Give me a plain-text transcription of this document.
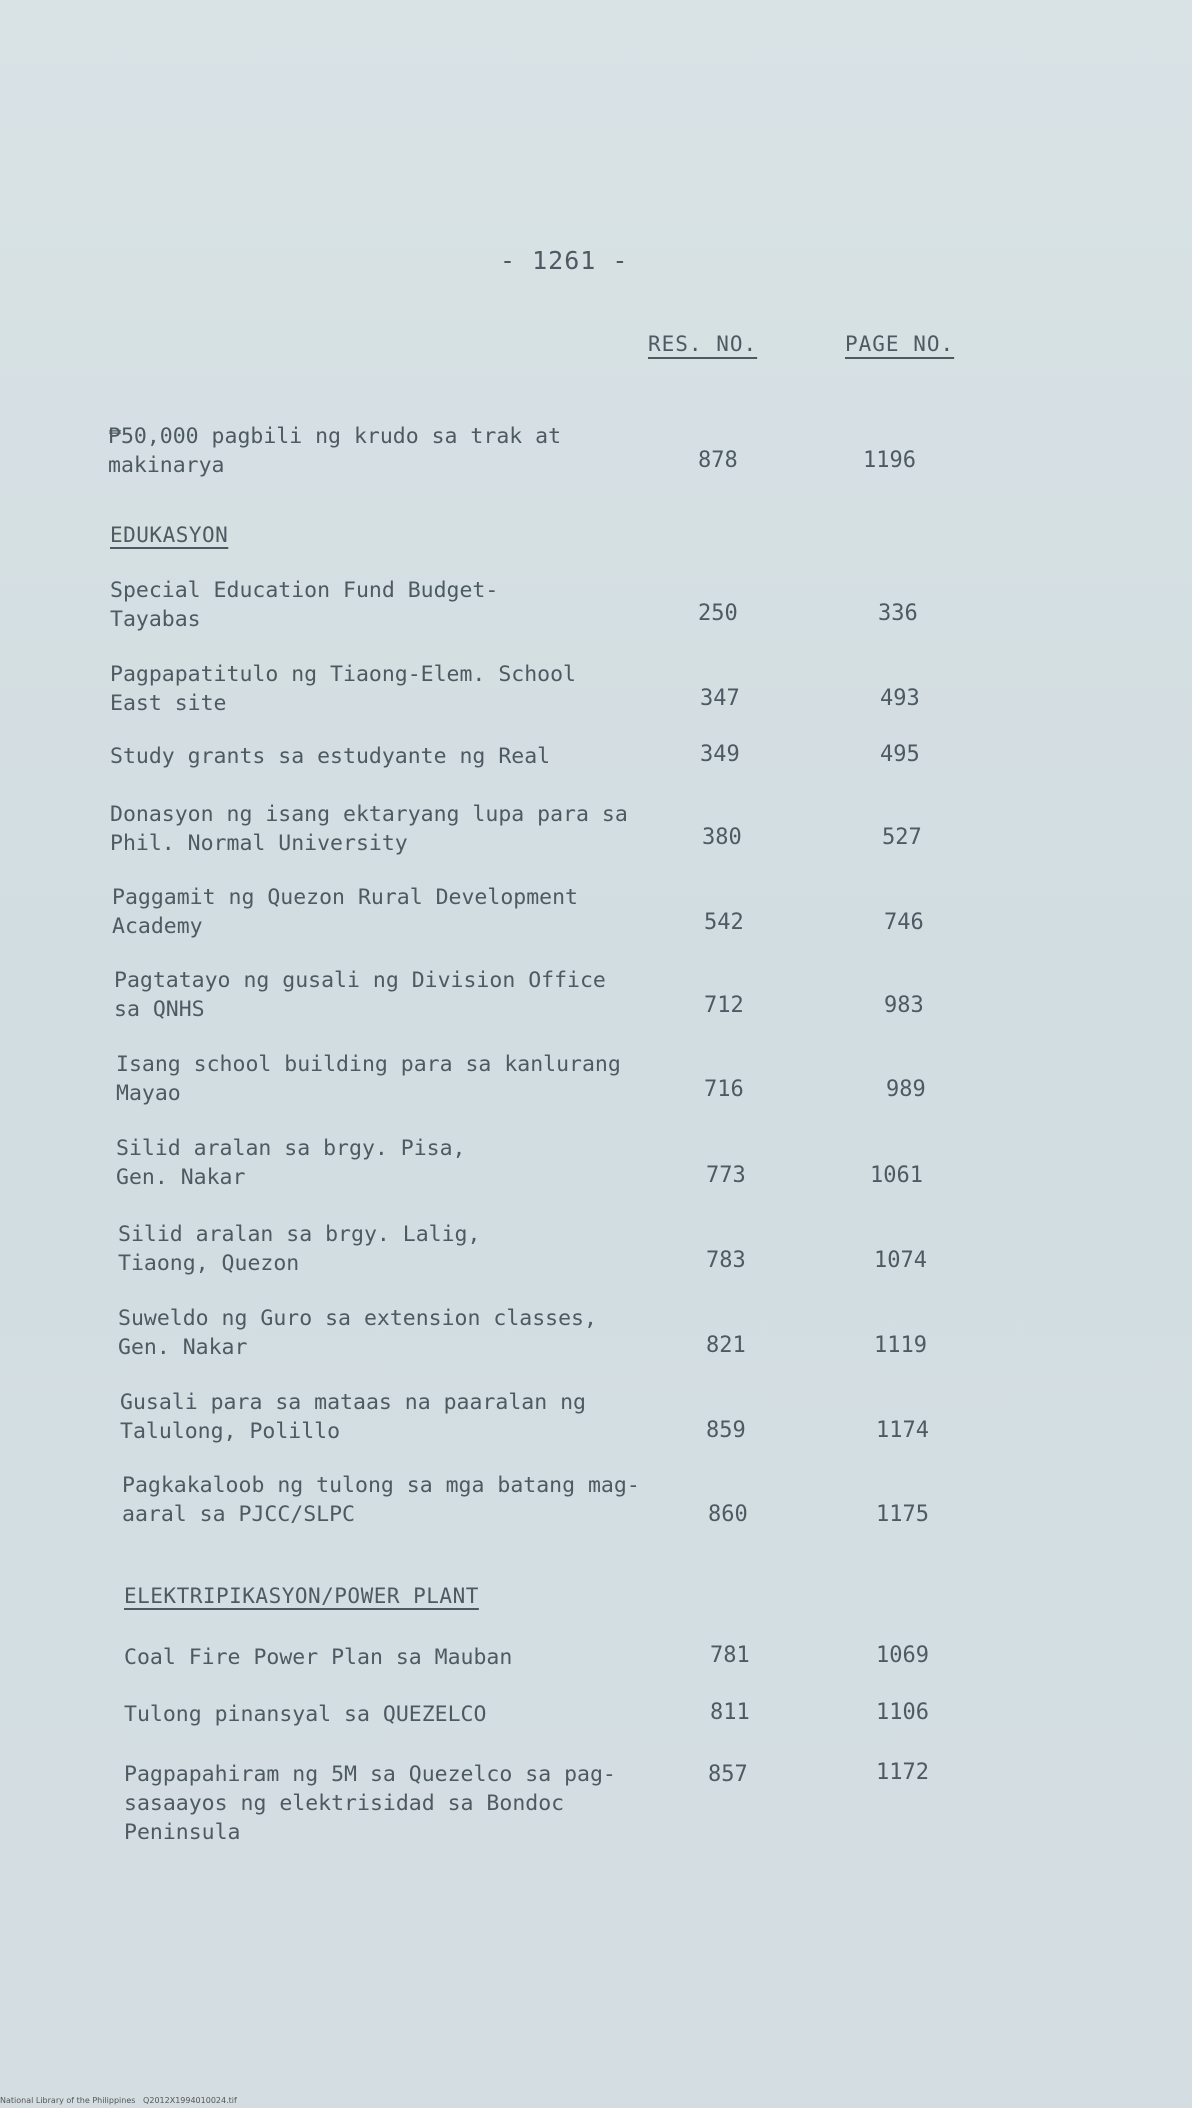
- 1261 -
RES. NO.	PAGE NO.
₱50,000 pagbili ng krudo sa trak at
makinarya	878	1196
EDUKASYON
Special Education Fund Budget-
Tayabas	250	336
Pagpapatitulo ng Tiaong-Elem. School
East site	347	493
Study grants sa estudyante ng Real	349	495
Donasyon ng isang ektaryang lupa para sa
Phil. Normal University	380	527
Paggamit ng Quezon Rural Development
Academy	542	746
Pagtatayo ng gusali ng Division Office
sa QNHS	712	983
Isang school building para sa kanlurang
Mayao	716	989
Silid aralan sa brgy. Pisa,
Gen. Nakar	773	1061
Silid aralan sa brgy. Lalig,
Tiaong, Quezon	783	1074
Suweldo ng Guro sa extension classes,
Gen. Nakar	821	1119
Gusali para sa mataas na paaralan ng
Talulong, Polillo	859	1174
Pagkakaloob ng tulong sa mga batang mag-
aaral sa PJCC/SLPC	860	1175
ELEKTRIPIKASYON/POWER PLANT
Coal Fire Power Plan sa Mauban	781	1069
Tulong pinansyal sa QUEZELCO	811	1106
Pagpapahiram ng 5M sa Quezelco sa pag-
sasaayos ng elektrisidad sa Bondoc
Peninsula
857	1172
National Library of the Philippines   Q2012X1994010024.tif
